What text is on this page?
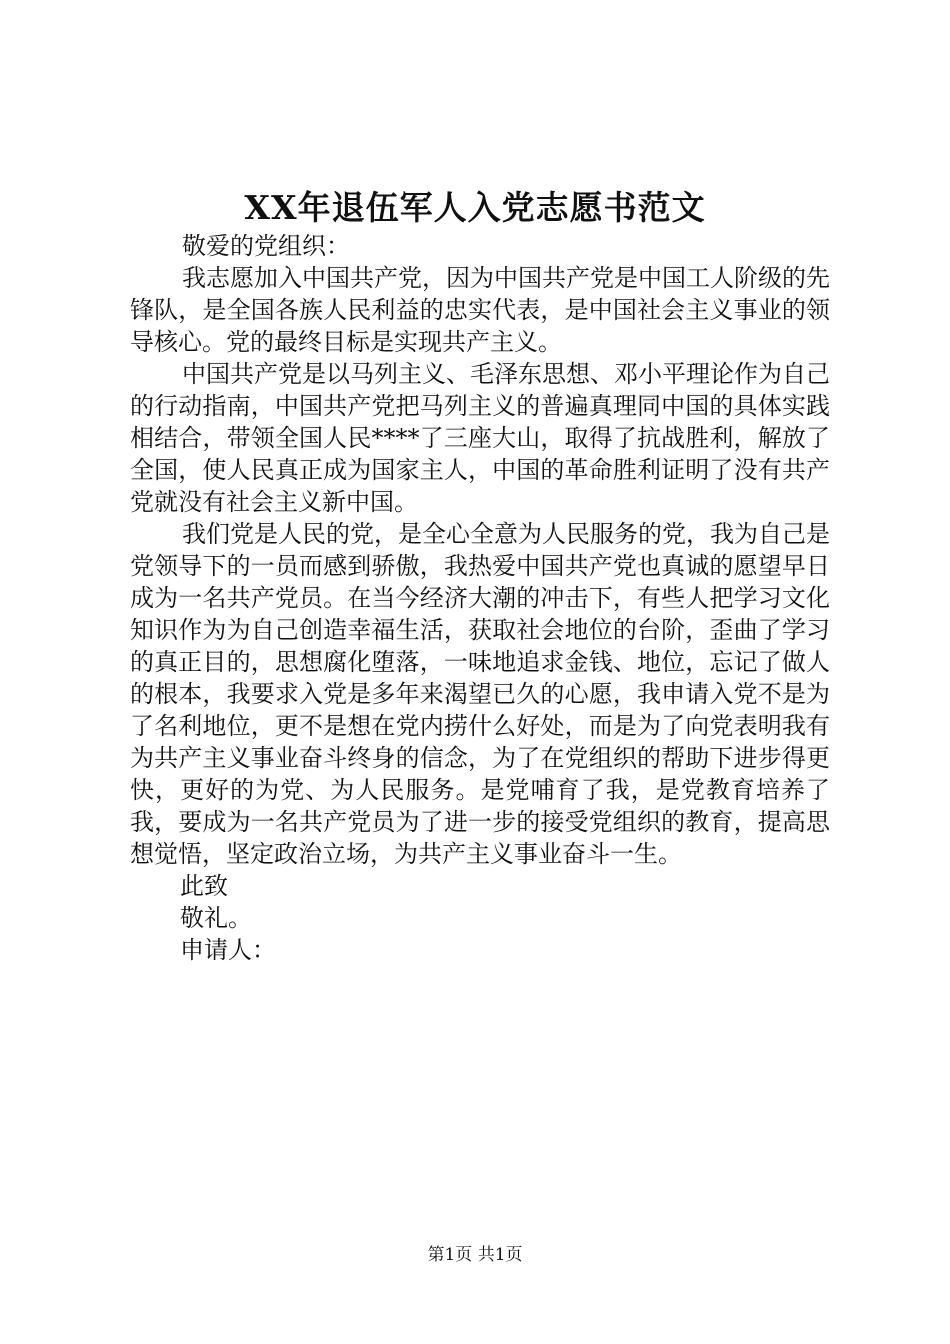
XX年退伍军人入党志愿书范文

敬爱的党组织：

我志愿加入中国共产党，因为中国共产党是中国工人阶级的先锋队，是全国各族人民利益的忠实代表，是中国社会主义事业的领导核心。党的最终目标是实现共产主义。

中国共产党是以马列主义、毛泽东思想、邓小平理论作为自己的行动指南，中国共产党把马列主义的普遍真理同中国的具体实践相结合，带领全国人民****了三座大山，取得了抗战胜利，解放了全国，使人民真正成为国家主人，中国的革命胜利证明了没有共产党就没有社会主义新中国。

我们党是人民的党，是全心全意为人民服务的党，我为自己是党领导下的一员而感到骄傲，我热爱中国共产党也真诚的愿望早日成为一名共产党员。在当今经济大潮的冲击下，有些人把学习文化知识作为为自己创造幸福生活，获取社会地位的台阶，歪曲了学习的真正目的，思想腐化堕落，一味地追求金钱、地位，忘记了做人的根本，我要求入党是多年来渴望已久的心愿，我申请入党不是为了名利地位，更不是想在党内捞什么好处，而是为了向党表明我有为共产主义事业奋斗终身的信念，为了在党组织的帮助下进步得更快，更好的为党、为人民服务。是党哺育了我，是党教育培养了我，要成为一名共产党员为了进一步的接受党组织的教育，提高思想觉悟，坚定政治立场，为共产主义事业奋斗一生。

此致

敬礼。

申请人：

第1页 共1页
